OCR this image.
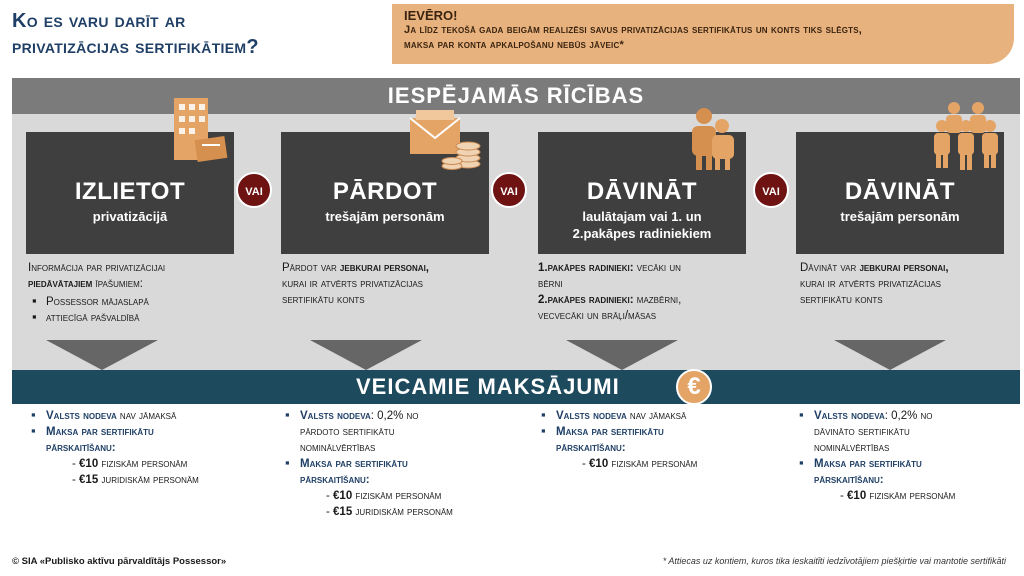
Ko es varu darīt ar
privatizācijas sertifikātiem?
IEVĒRO!
Ja līdz tekošā gada beigām realizēsi savus privatizācijas sertifikātus un konts tiks slēgts,
maksa par konta apkalpošanu nebūs jāveic*
IESPĒJAMĀS RĪCĪBAS
IZLIETOT
privatizācijā
PĀRDOT
trešajām personām
DĀVINĀT
laulātajam vai 1. un 2.pakāpes radiniekiem
DĀVINĀT
trešajām personām
VAI	VAI	VAI
Informācija par privatizācijai
piedāvātajiem īpašumiem:
▪ Possessor mājaslapā
▪ attiecīgā pašvaldībā
Pārdot var jebkurai personai,
kurai ir atvērts privatizācijas
sertifikātu konts
1.pakāpes radinieki: vecāki un
bērni
2.pakāpes radinieki: mazbērni,
vecvecāki un brāļi/māsas
Dāvināt var jebkurai personai,
kurai ir atvērts privatizācijas
sertifikātu konts
VEICAMIE MAKSĀJUMI	€
▪ Valsts nodeva nav jāmaksā
▪ Maksa par sertifikātu
pārskaitīšanu:
- €10 fiziskām personām
- €15 juridiskām personām
▪ Valsts nodeva: 0,2% no
pārdoto sertifikātu
nominālvērtības
▪ Maksa par sertifikātu
pārskaitīšanu:
- €10 fiziskām personām
- €15 juridiskām personām
▪ Valsts nodeva nav jāmaksā
▪ Maksa par sertifikātu
pārskaitīšanu:
- €10 fiziskām personām
▪ Valsts nodeva: 0,2% no
dāvināto sertifikātu
nominālvērtības
▪ Maksa par sertifikātu
pārskaitīšanu:
- €10 fiziskām personām
© SIA «Publisko aktīvu pārvaldītājs Possessor»	* Attiecas uz kontiem, kuros tika ieskaitīti iedzīvotājiem piešķirtie vai mantotie sertifikāti
